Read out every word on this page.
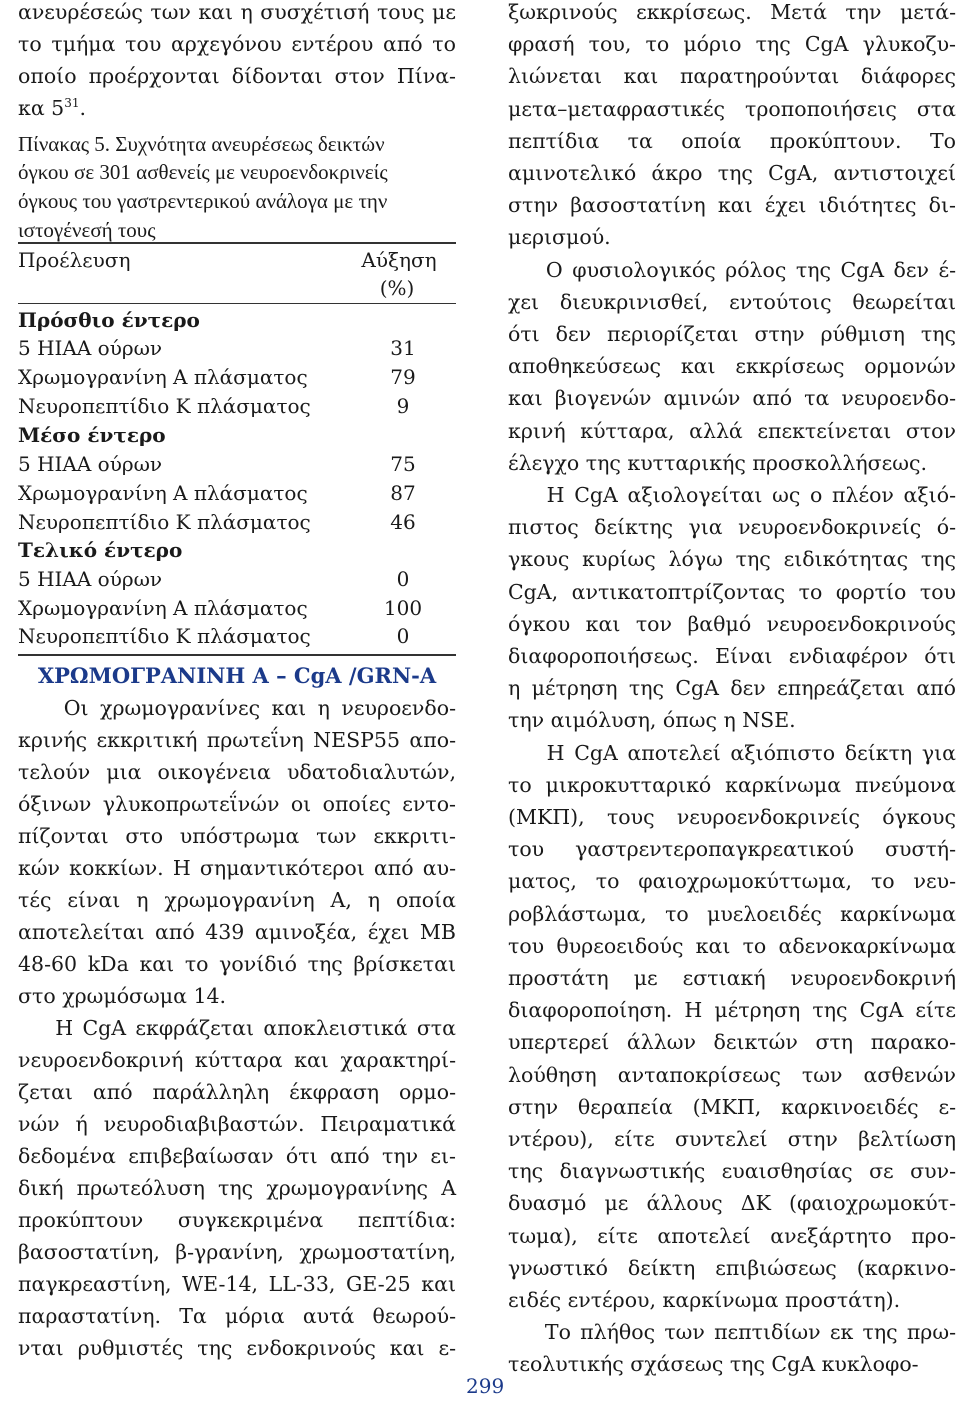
ανευρέσεώς των και η συσχέτισή τους με
το τμήμα του αρχεγόνου εντέρου από το
οποίο προέρχονται δίδονται στον Πίνα-
κα $5^{31}$.
Πίνακας 5. Συχνότητα ανευρέσεως δεικτών
όγκου σε 301 ασθενείς με νευροενδοκρινείς
όγκους του γαστρεντερικού ανάλογα με την
ιστογένεσή τους
Προέλευση	Αύξηση
(%)
Πρόσθιο έντερο
5 HIAA ούρων	31
Χρωμογρανίνη Α πλάσματος	79
Νευροπεπτίδιο Κ πλάσματος	9
Μέσο έντερο
5 HIAA ούρων	75
Χρωμογρανίνη Α πλάσματος	87
Νευροπεπτίδιο Κ πλάσματος	46
Τελικό έντερο
5 HIAA ούρων	0
Χρωμογρανίνη Α πλάσματος	100
Νευροπεπτίδιο Κ πλάσματος	0
ΧΡΩΜΟΓΡΑΝΙΝΗ Α – CgA /GRN-A
Οι χρωμογρανίνες και η νευροενδο-
κρινής εκκριτική πρωτεΐνη NESP55 απο-
τελούν μια οικογένεια υδατοδιαλυτών,
όξινων γλυκοπρωτεΐνών οι οποίες εντο-
πίζονται στο υπόστρωμα των εκκριτι-
κών κοκκίων. Η σημαντικότεροι από αυ-
τές είναι η χρωμογρανίνη Α, η οποία
αποτελείται από 439 αμινοξέα, έχει ΜΒ
48-60 kDa και το γονίδιό της βρίσκεται
στο χρωμόσωμα 14.
Η CgA εκφράζεται αποκλειστικά στα
νευροενδοκρινή κύτταρα και χαρακτηρί-
ζεται από παράλληλη έκφραση ορμο-
νών ή νευροδιαβιβαστών. Πειραματικά
δεδομένα επιβεβαίωσαν ότι από την ει-
δική πρωτεόλυση της χρωμογρανίνης Α
προκύπτουν συγκεκριμένα πεπτίδια:
βασοστατίνη, β-γρανίνη, χρωμοστατίνη,
παγκρεαστίνη, WE-14, LL-33, GE-25 και
παραστατίνη. Τα μόρια αυτά θεωρού-
νται ρυθμιστές της ενδοκρινούς και ε-
ξωκρινούς εκκρίσεως. Μετά την μετά-
φρασή του, το μόριο της CgA γλυκοζυ-
λιώνεται και παρατηρούνται διάφορες
μετα–μεταφραστικές τροποποιήσεις στα
πεπτίδια τα οποία προκύπτουν. Το
αμινοτελικό άκρο της CgA, αντιστοιχεί
στην βασοστατίνη και έχει ιδιότητες δι-
μερισμού.
Ο φυσιολογικός ρόλος της CgA δεν έ-
χει διευκρινισθεί, εντούτοις θεωρείται
ότι δεν περιορίζεται στην ρύθμιση της
αποθηκεύσεως και εκκρίσεως ορμονών
και βιογενών αμινών από τα νευροενδο-
κρινή κύτταρα, αλλά επεκτείνεται στον
έλεγχο της κυτταρικής προσκολλήσεως.
Η CgA αξιολογείται ως ο πλέον αξιό-
πιστος δείκτης για νευροενδοκρινείς ό-
γκους κυρίως λόγω της ειδικότητας της
CgA, αντικατοπτρίζοντας το φορτίο του
όγκου και τον βαθμό νευροενδοκρινούς
διαφοροποιήσεως. Είναι ενδιαφέρον ότι
η μέτρηση της CgA δεν επηρεάζεται από
την αιμόλυση, όπως η NSE.
Η CgA αποτελεί αξιόπιστο δείκτη για
το μικροκυτταρικό καρκίνωμα πνεύμονα
(ΜΚΠ), τους νευροενδοκρινείς όγκους
του γαστρεντεροπαγκρεατικού συστή-
ματος, το φαιοχρωμοκύττωμα, το νευ-
ροβλάστωμα, το μυελοειδές καρκίνωμα
του θυρεοειδούς και το αδενοκαρκίνωμα
προστάτη με εστιακή νευροενδοκρινή
διαφοροποίηση. Η μέτρηση της CgA είτε
υπερτερεί άλλων δεικτών στη παρακο-
λούθηση ανταποκρίσεως των ασθενών
στην θεραπεία (ΜΚΠ, καρκινοειδές ε-
ντέρου), είτε συντελεί στην βελτίωση
της διαγνωστικής ευαισθησίας σε συν-
δυασμό με άλλους ΔΚ (φαιοχρωμοκύτ-
τωμα), είτε αποτελεί ανεξάρτητο προ-
γνωστικό δείκτη επιβιώσεως (καρκινο-
ειδές εντέρου, καρκίνωμα προστάτη).
Το πλήθος των πεπτιδίων εκ της πρω-
τεολυτικής σχάσεως της CgA κυκλοφο-
299
